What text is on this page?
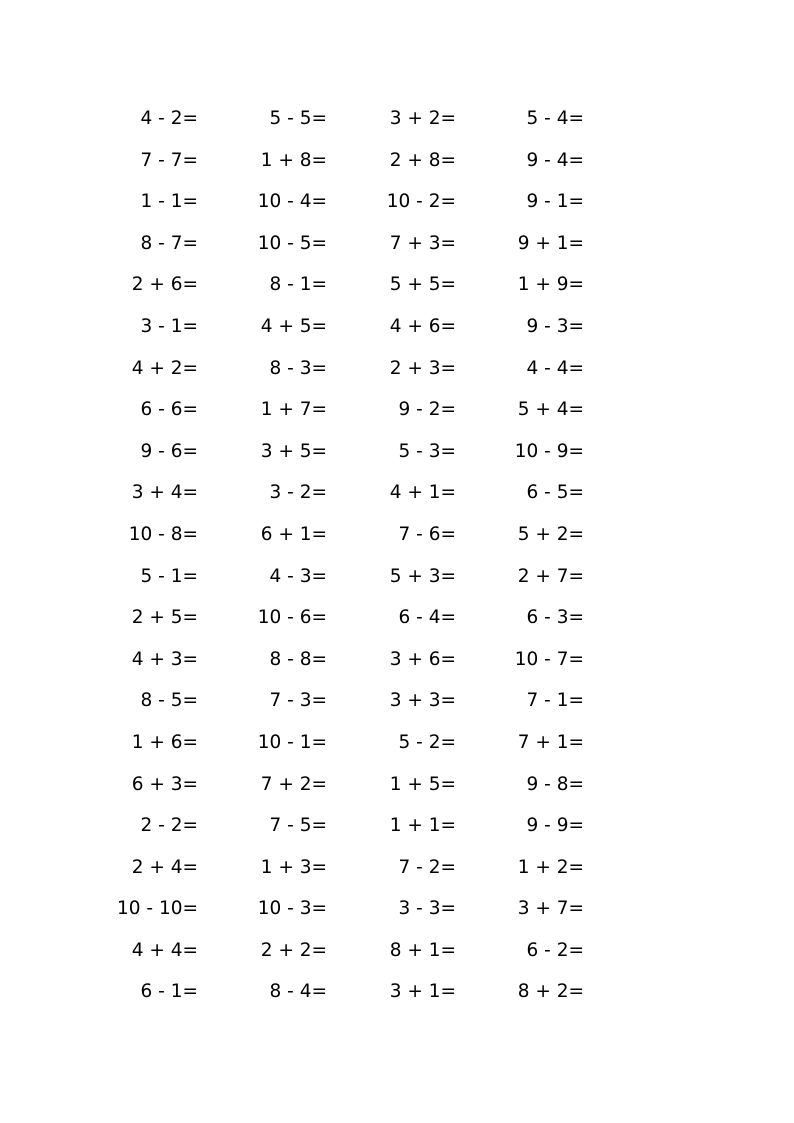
4 - 2=	5 - 5=	3 + 2=	5 - 4=
7 - 7=	1 + 8=	2 + 8=	9 - 4=
1 - 1=	10 - 4=	10 - 2=	9 - 1=
8 - 7=	10 - 5=	7 + 3=	9 + 1=
2 + 6=	8 - 1=	5 + 5=	1 + 9=
3 - 1=	4 + 5=	4 + 6=	9 - 3=
4 + 2=	8 - 3=	2 + 3=	4 - 4=
6 - 6=	1 + 7=	9 - 2=	5 + 4=
9 - 6=	3 + 5=	5 - 3=	10 - 9=
3 + 4=	3 - 2=	4 + 1=	6 - 5=
10 - 8=	6 + 1=	7 - 6=	5 + 2=
5 - 1=	4 - 3=	5 + 3=	2 + 7=
2 + 5=	10 - 6=	6 - 4=	6 - 3=
4 + 3=	8 - 8=	3 + 6=	10 - 7=
8 - 5=	7 - 3=	3 + 3=	7 - 1=
1 + 6=	10 - 1=	5 - 2=	7 + 1=
6 + 3=	7 + 2=	1 + 5=	9 - 8=
2 - 2=	7 - 5=	1 + 1=	9 - 9=
2 + 4=	1 + 3=	7 - 2=	1 + 2=
10 - 10=	10 - 3=	3 - 3=	3 + 7=
4 + 4=	2 + 2=	8 + 1=	6 - 2=
6 - 1=	8 - 4=	3 + 1=	8 + 2=
